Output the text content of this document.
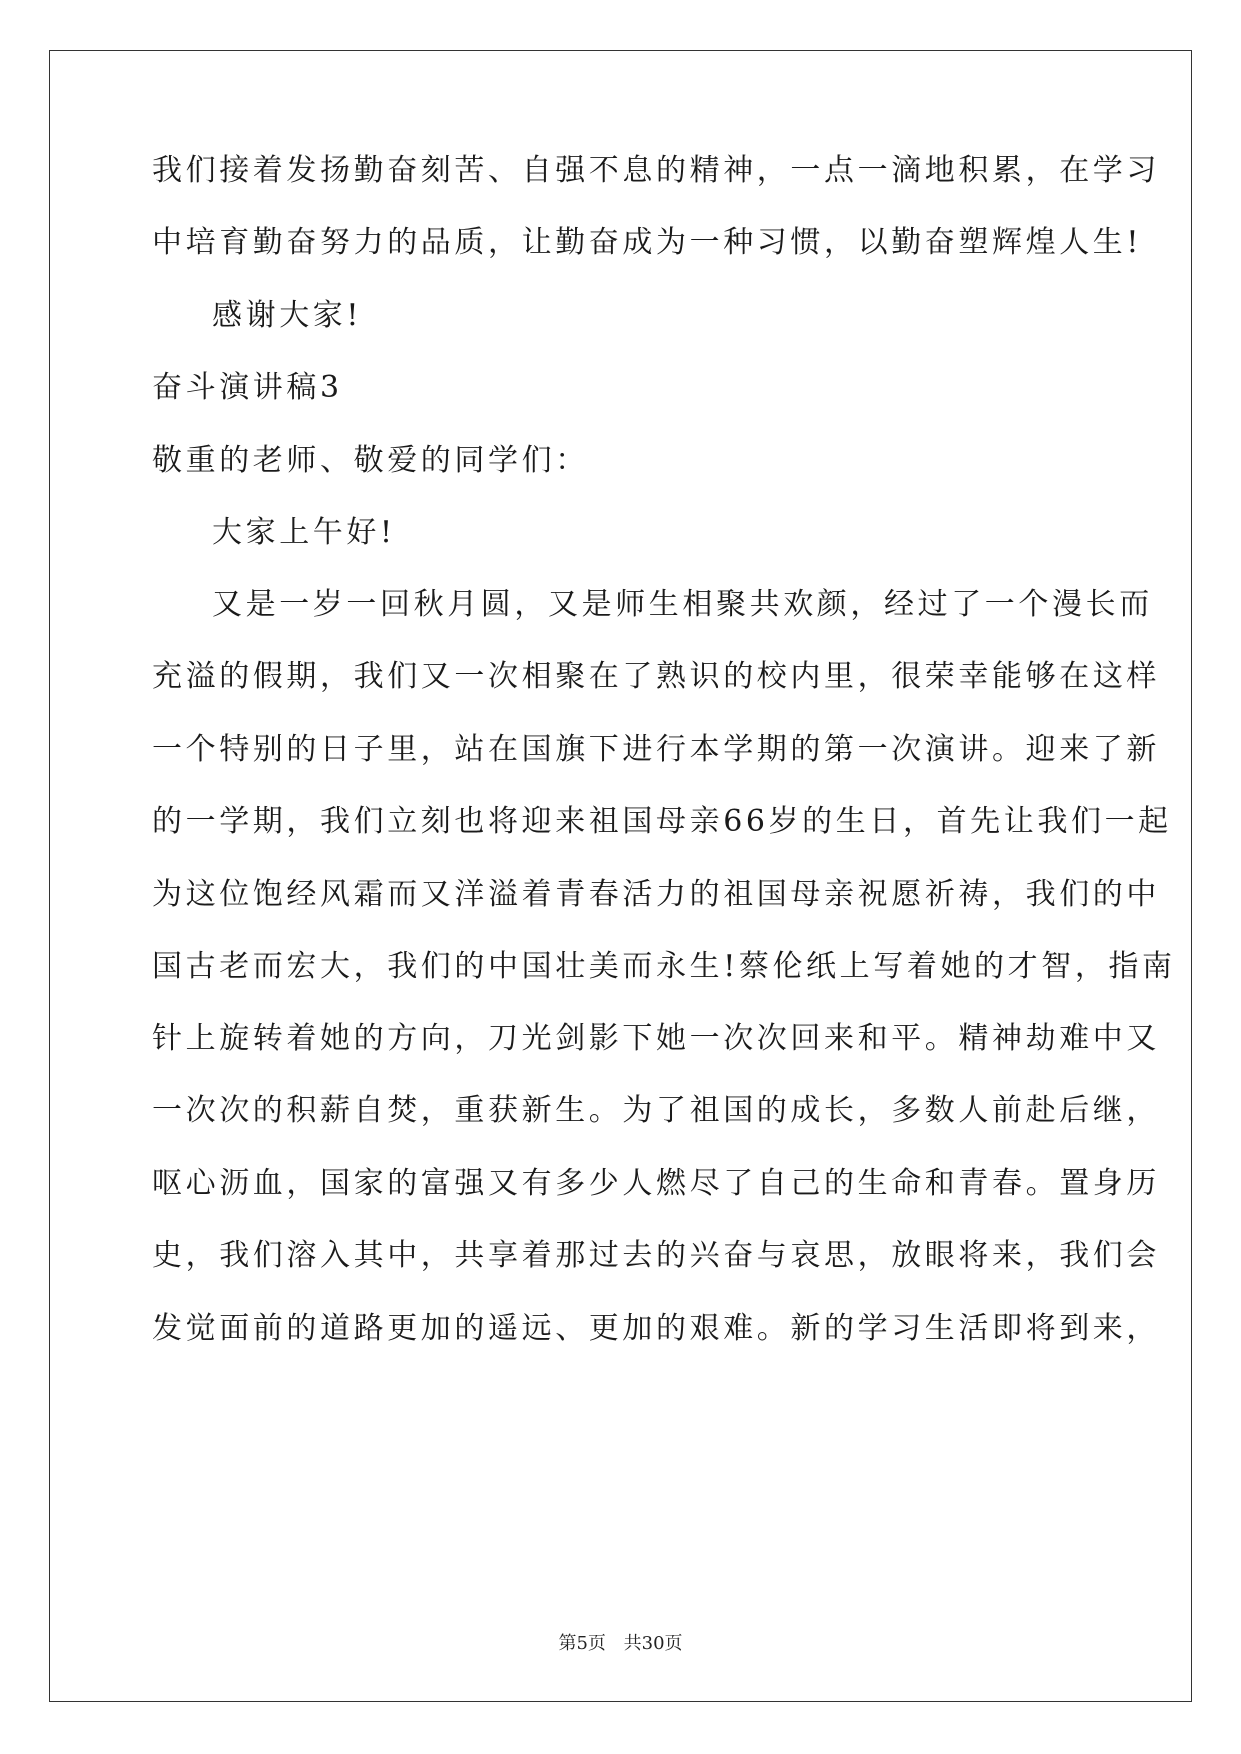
我们接着发扬勤奋刻苦、自强不息的精神，一点一滴地积累，在学习
中培育勤奋努力的品质，让勤奋成为一种习惯，以勤奋塑辉煌人生!
感谢大家!
奋斗演讲稿3
敬重的老师、敬爱的同学们：
大家上午好!
又是一岁一回秋月圆，又是师生相聚共欢颜，经过了一个漫长而
充溢的假期，我们又一次相聚在了熟识的校内里，很荣幸能够在这样
一个特别的日子里，站在国旗下进行本学期的第一次演讲。迎来了新
的一学期，我们立刻也将迎来祖国母亲66岁的生日，首先让我们一起
为这位饱经风霜而又洋溢着青春活力的祖国母亲祝愿祈祷，我们的中
国古老而宏大，我们的中国壮美而永生!蔡伦纸上写着她的才智，指南
针上旋转着她的方向，刀光剑影下她一次次回来和平。精神劫难中又
一次次的积薪自焚，重获新生。为了祖国的成长，多数人前赴后继，
呕心沥血，国家的富强又有多少人燃尽了自己的生命和青春。置身历
史，我们溶入其中，共享着那过去的兴奋与哀思，放眼将来，我们会
发觉面前的道路更加的遥远、更加的艰难。新的学习生活即将到来，
第5页 共30页
